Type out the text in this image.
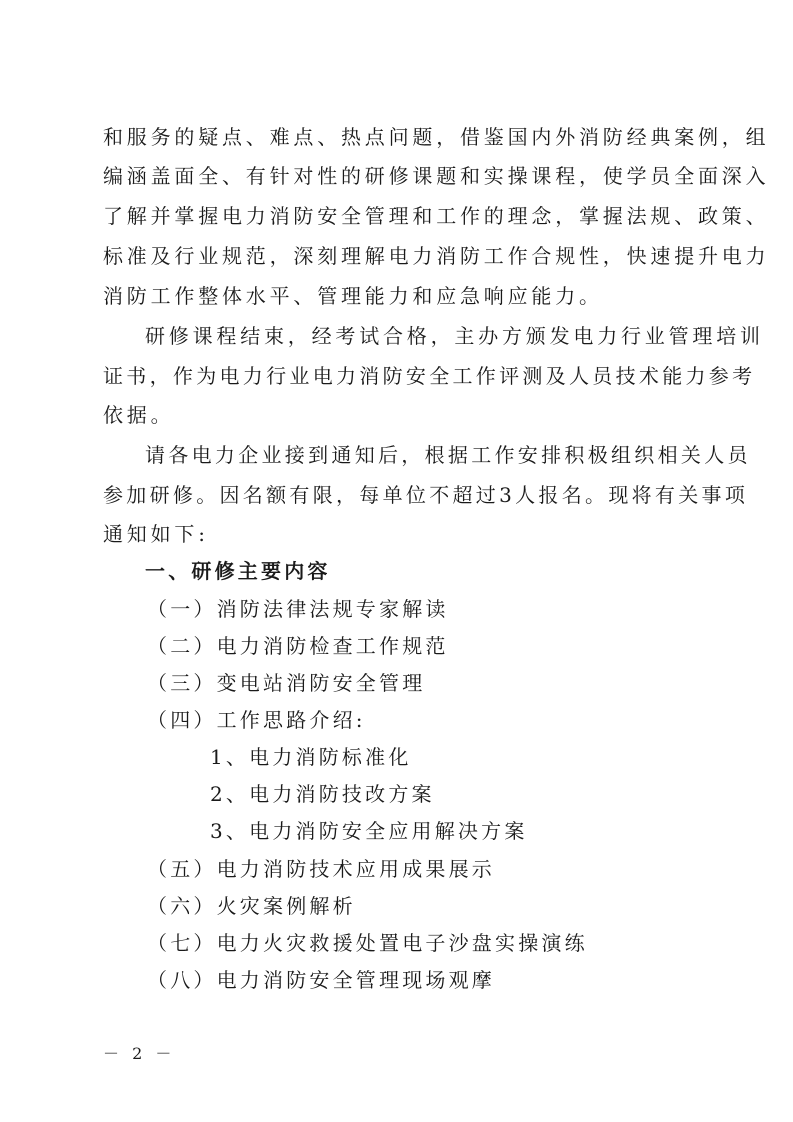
和服务的疑点、难点、热点问题，借鉴国内外消防经典案例，组
编涵盖面全、有针对性的研修课题和实操课程，使学员全面深入
了解并掌握电力消防安全管理和工作的理念，掌握法规、政策、
标准及行业规范，深刻理解电力消防工作合规性，快速提升电力
消防工作整体水平、管理能力和应急响应能力。
研修课程结束，经考试合格，主办方颁发电力行业管理培训
证书，作为电力行业电力消防安全工作评测及人员技术能力参考
依据。
请各电力企业接到通知后，根据工作安排积极组织相关人员
参加研修。因名额有限，每单位不超过3人报名。现将有关事项
通知如下:
一、研修主要内容
（一）消防法律法规专家解读
（二）电力消防检查工作规范
（三）变电站消防安全管理
（四）工作思路介绍:
1、电力消防标准化
2、电力消防技改方案
3、电力消防安全应用解决方案
（五）电力消防技术应用成果展示
（六）火灾案例解析
（七）电力火灾救援处置电子沙盘实操演练
（八）电力消防安全管理现场观摩
－ 2 －
